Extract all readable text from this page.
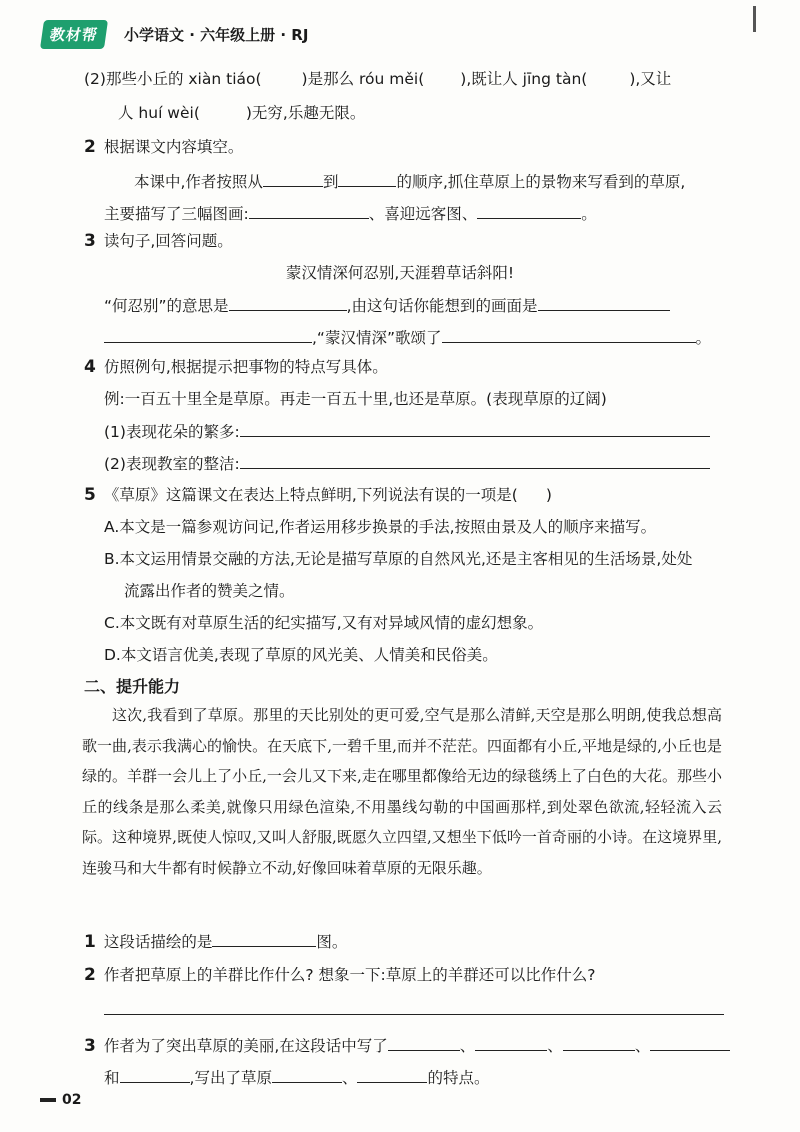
教材帮	小学语文 · 六年级上册 · RJ
(2)那些小丘的 xiàn tiáo(	)是那么 róu měi( ),既让人 jīng tàn(	),又让
人 huí wèi(	)无穷,乐趣无限。
2 根据课文内容填空。
本课中,作者按照从	到	的顺序,抓住草原上的景物来写看到的草原,
主要描写了三幅图画:	、喜迎远客图、	。
3 读句子,回答问题。
蒙汉情深何忍别,天涯碧草话斜阳!
“何忍别”的意思是	,由这句话你能想到的画面是
,“蒙汉情深”歌颂了	。
4 仿照例句,根据提示把事物的特点写具体。
例:一百五十里全是草原。再走一百五十里,也还是草原。(表现草原的辽阔)
(1)表现花朵的繁多:
(2)表现教室的整洁:
5 《草原》这篇课文在表达上特点鲜明,下列说法有误的一项是( )
A.本文是一篇参观访问记,作者运用移步换景的手法,按照由景及人的顺序来描写。
B.本文运用情景交融的方法,无论是描写草原的自然风光,还是主客相见的生活场景,处处
流露出作者的赞美之情。
C.本文既有对草原生活的纪实描写,又有对异域风情的虚幻想象。
D.本文语言优美,表现了草原的风光美、人情美和民俗美。
二、提升能力
这次,我看到了草原。那里的天比别处的更可爱,空气是那么清鲜,天空是那么明朗,使我总想高歌一曲,表示我满心的愉快。在天底下,一碧千里,而并不茫茫。四面都有小丘,平地是绿的,小丘也是绿的。羊群一会儿上了小丘,一会儿又下来,走在哪里都像给无边的绿毯绣上了白色的大花。那些小丘的线条是那么柔美,就像只用绿色渲染,不用墨线勾勒的中国画那样,到处翠色欲流,轻轻流入云际。这种境界,既使人惊叹,又叫人舒服,既愿久立四望,又想坐下低吟一首奇丽的小诗。在这境界里,连骏马和大牛都有时候静立不动,好像回味着草原的无限乐趣。
1 这段话描绘的是	图。
2 作者把草原上的羊群比作什么? 想象一下:草原上的羊群还可以比作什么?
3 作者为了突出草原的美丽,在这段话中写了	、	、	、
和	,写出了草原	、	的特点。
02
